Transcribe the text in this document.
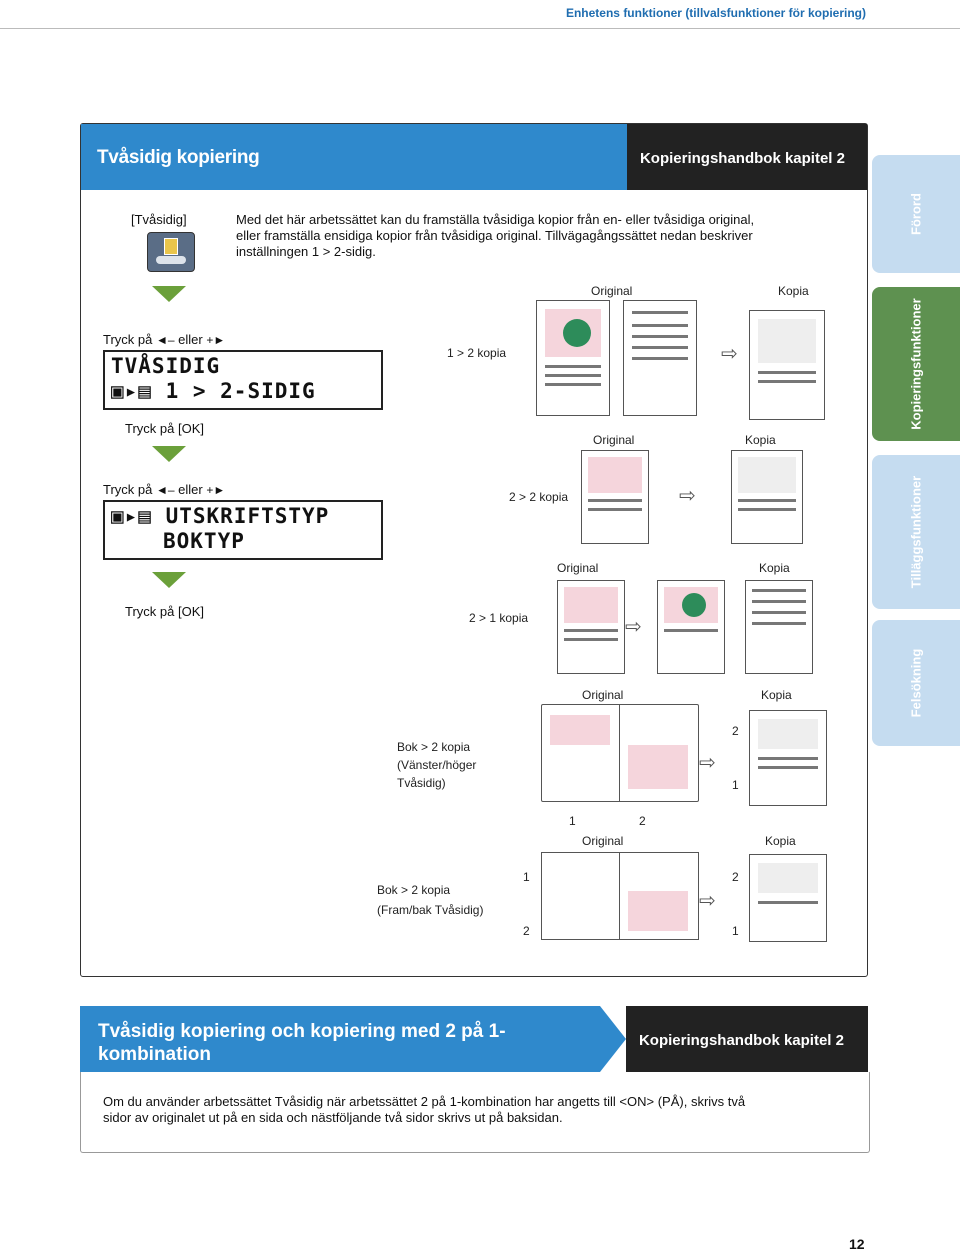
Enhetens funktioner (tillvalsfunktioner för kopiering)
Förord
Kopieringsfunktioner
Tilläggsfunktioner
Felsökning
Tvåsidig kopiering	Kopieringshandbok kapitel 2
[Tvåsidig]	Med det här arbetssättet kan du framställa tvåsidiga kopior från en- eller tvåsidiga original,
eller framställa ensidiga kopior från tvåsidiga original. Tillvägagångssättet nedan beskriver
inställningen 1 > 2-sidig.
Tryck på ◄– eller +►
TVÅSIDIG
▣▸▤ 1 > 2-SIDIG
Tryck på [OK]
Tryck på ◄– eller +►
▣▸▤ UTSKRIFTSTYP
BOKTYP
Tryck på [OK]
Original	Kopia
1 > 2 kopia	⇨
Original	Kopia
2 > 2 kopia	⇨
Original	Kopia
2 > 1 kopia	⇨
Original	Kopia
Bok > 2 kopia
(Vänster/höger
Tvåsidig)
1	2
⇨
2
1
Original	Kopia
Bok > 2 kopia
(Fram/bak Tvåsidig)
1
2
⇨
2
1
Tvåsidig kopiering och kopiering med 2 på 1-
kombination
Kopieringshandbok kapitel 2
Om du använder arbetssättet Tvåsidig när arbetssättet 2 på 1-kombination har angetts till <ON> (PÅ), skrivs två
sidor av originalet ut på en sida och nästföljande två sidor skrivs ut på baksidan.
12
